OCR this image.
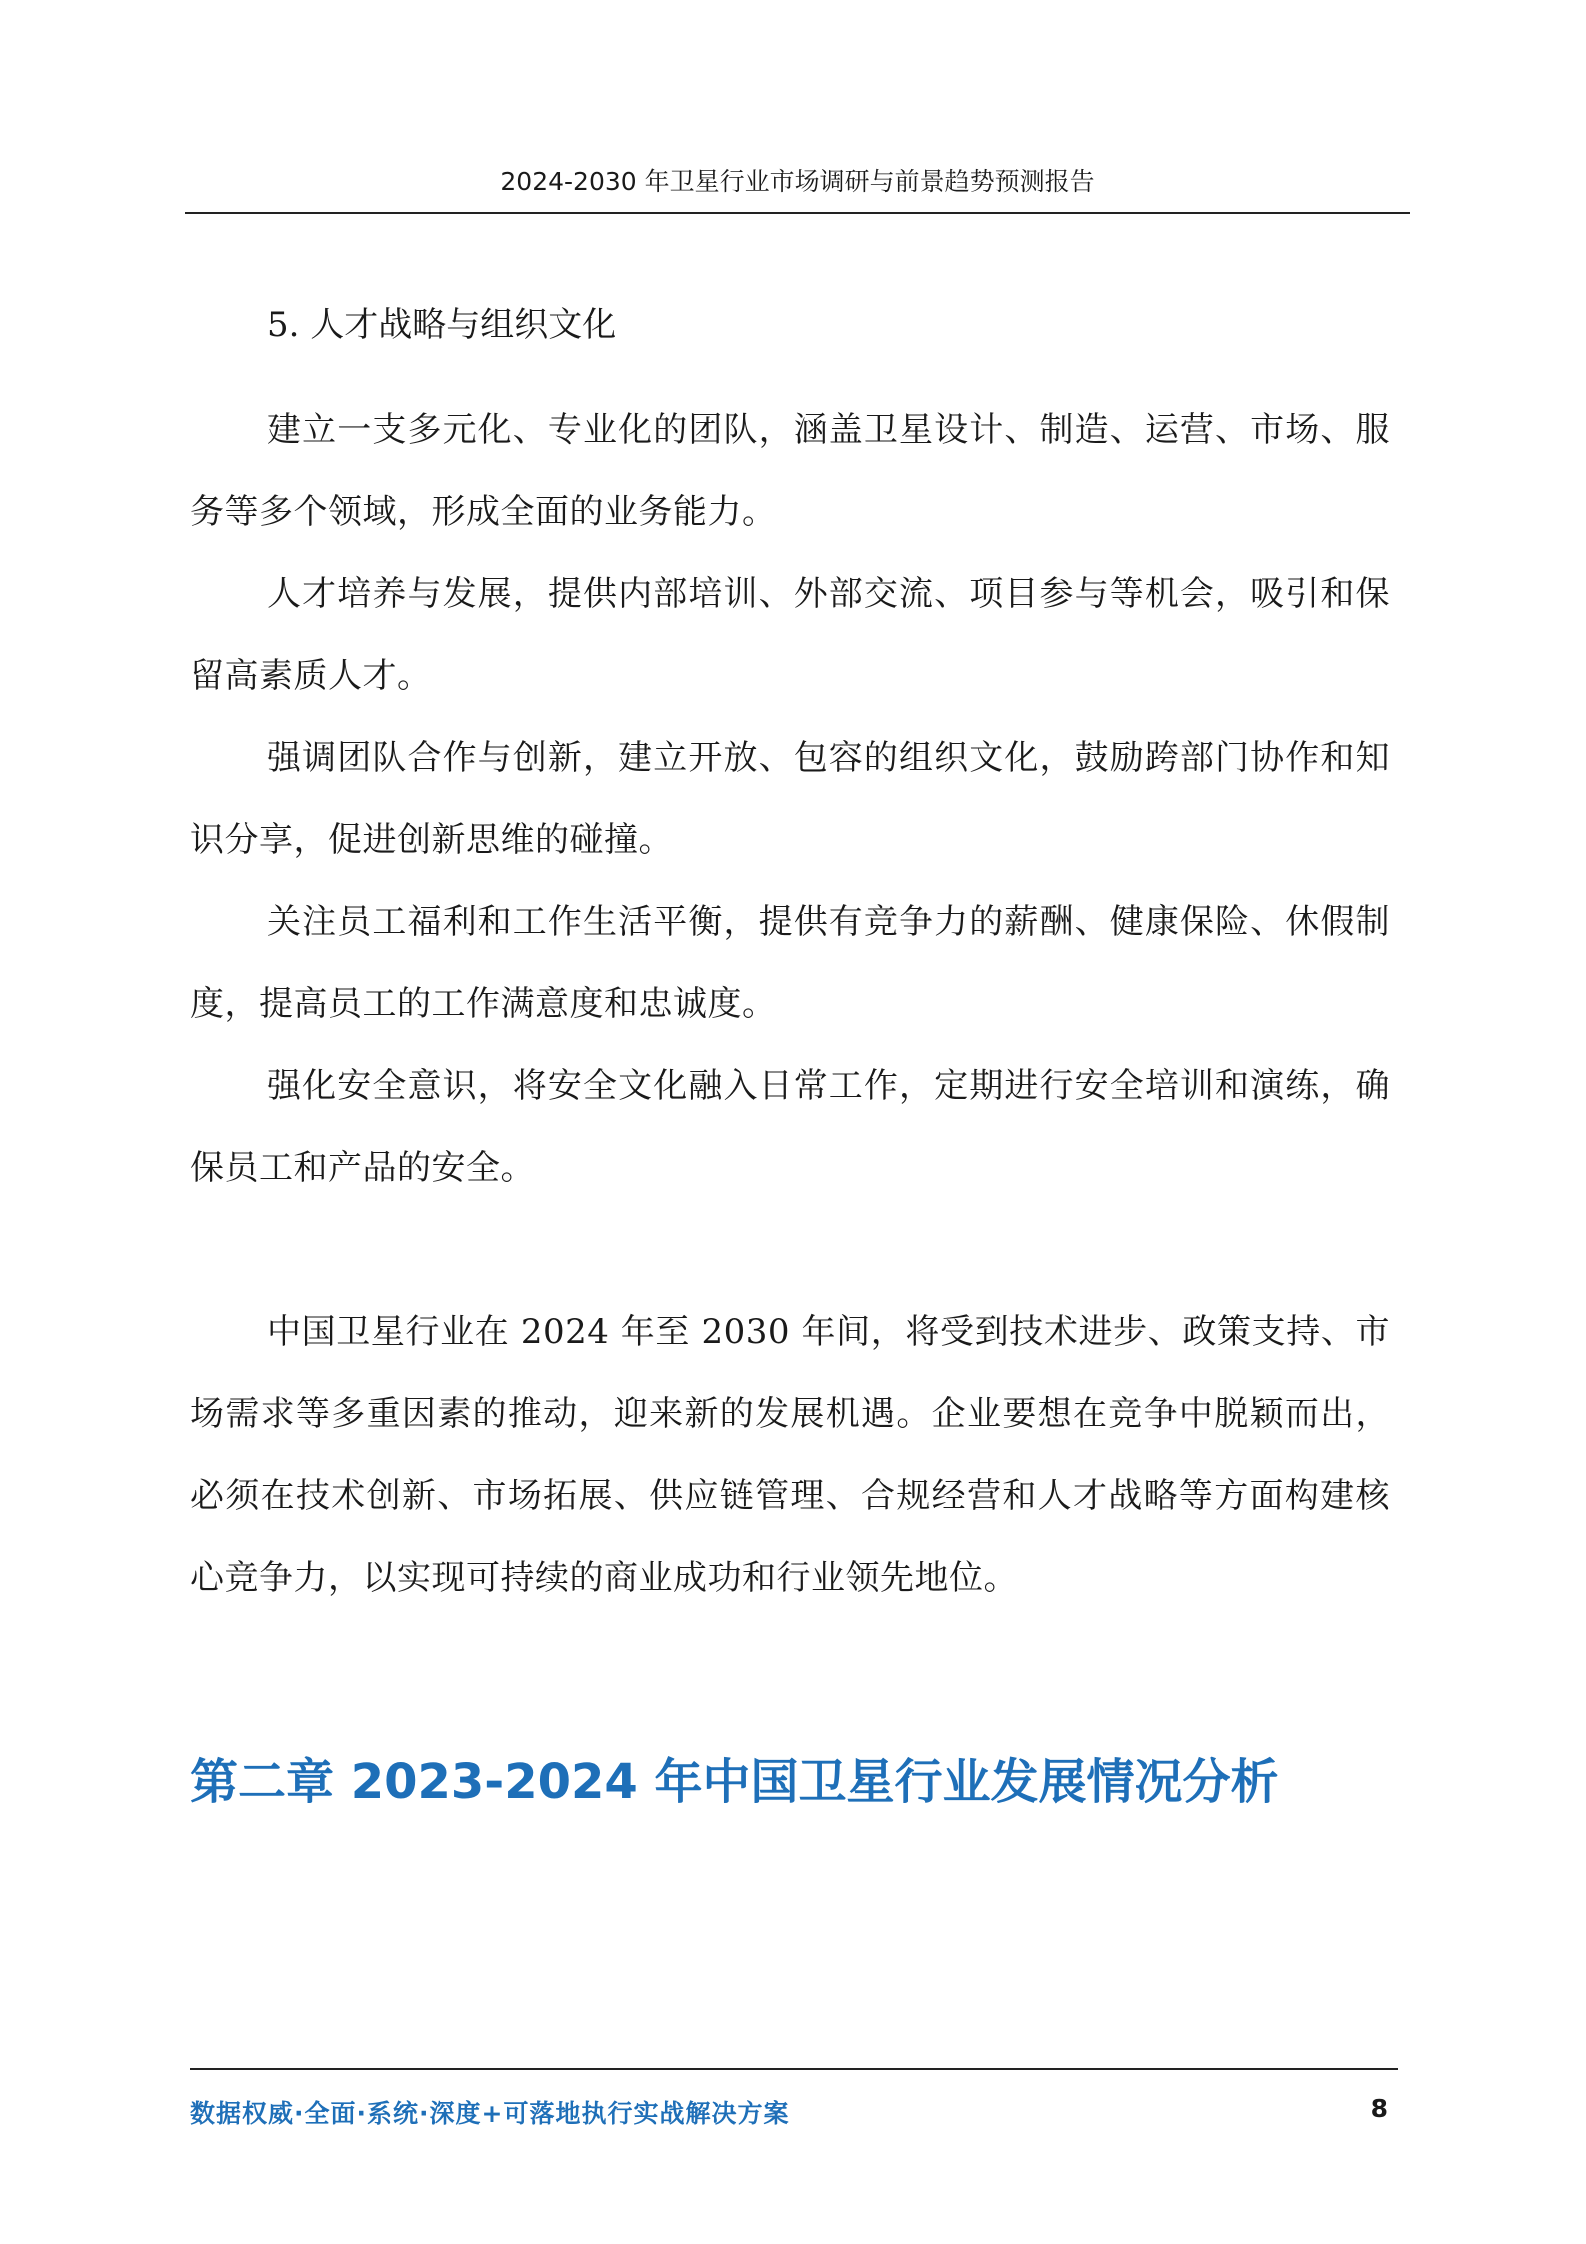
2024-2030 年卫星行业市场调研与前景趋势预测报告
5. 人才战略与组织文化

建立一支多元化、专业化的团队，涵盖卫星设计、制造、运营、市场、服务等多个领域，形成全面的业务能力。

人才培养与发展，提供内部培训、外部交流、项目参与等机会，吸引和保留高素质人才。

强调团队合作与创新，建立开放、包容的组织文化，鼓励跨部门协作和知识分享，促进创新思维的碰撞。

关注员工福利和工作生活平衡，提供有竞争力的薪酬、健康保险、休假制度，提高员工的工作满意度和忠诚度。

强化安全意识，将安全文化融入日常工作，定期进行安全培训和演练，确保员工和产品的安全。

中国卫星行业在 2024 年至 2030 年间，将受到技术进步、政策支持、市场需求等多重因素的推动，迎来新的发展机遇。企业要想在竞争中脱颖而出，必须在技术创新、市场拓展、供应链管理、合规经营和人才战略等方面构建核心竞争力，以实现可持续的商业成功和行业领先地位。

第二章 2023-2024 年中国卫星行业发展情况分析
数据权威·全面·系统·深度+可落地执行实战解决方案	8
